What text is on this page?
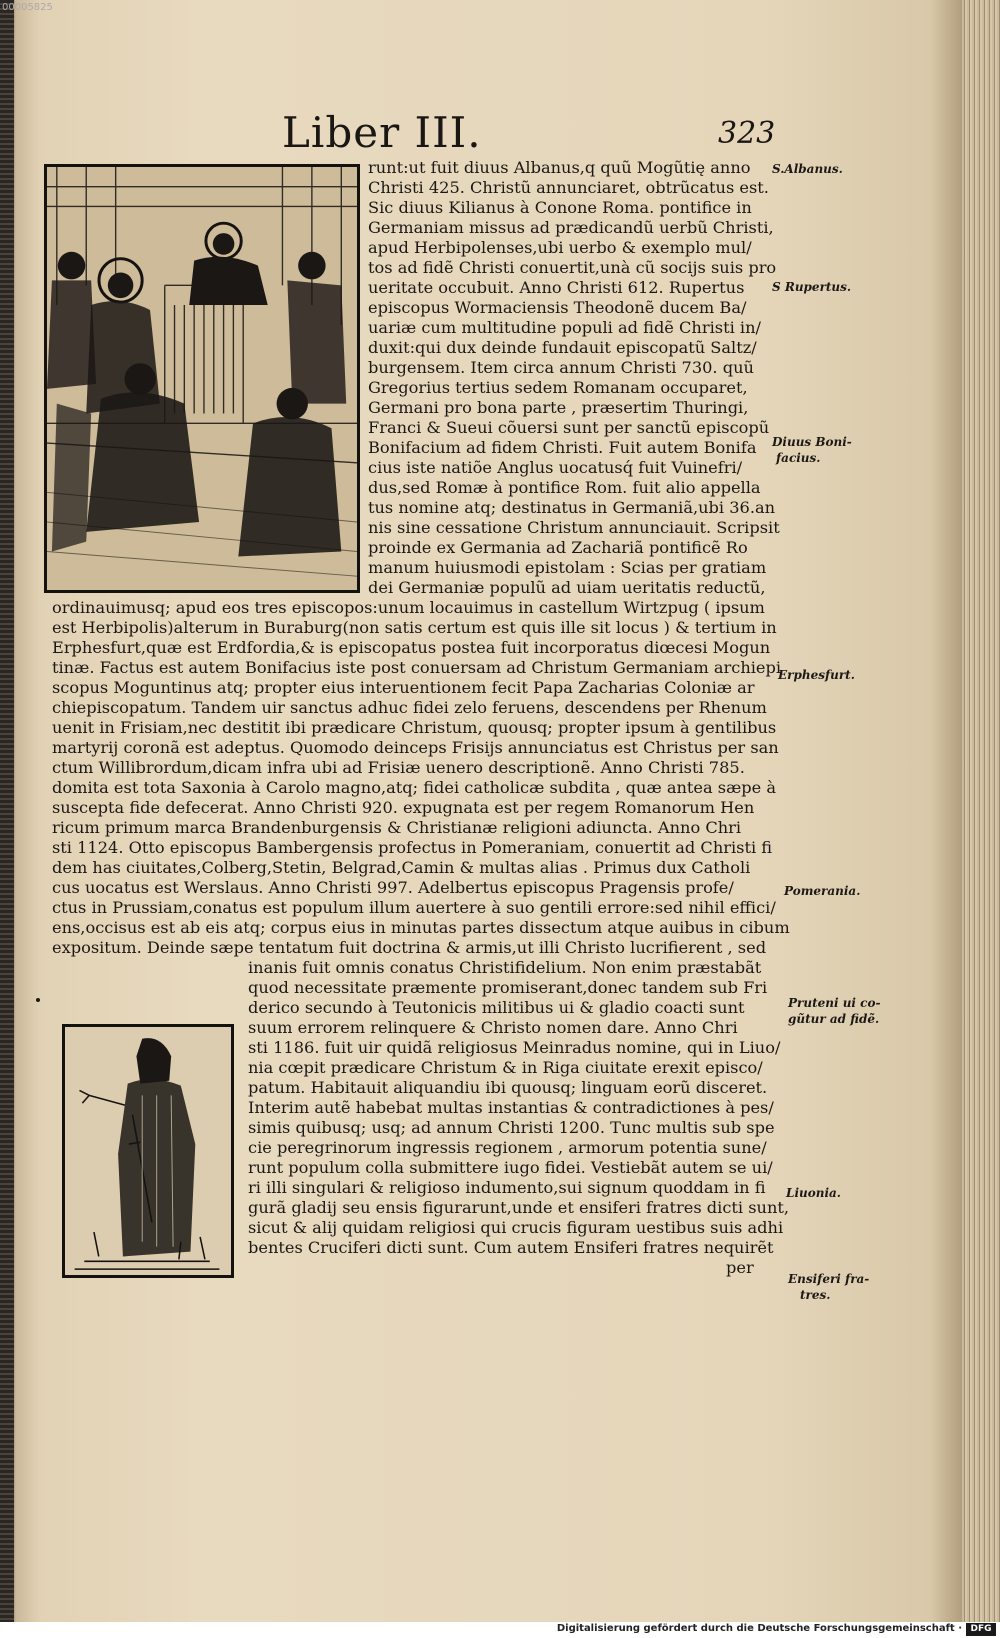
00005825
Liber III.	323
runt:ut fuit diuus Albanus,q quũ Mogũtię anno
Christi 425. Christũ annunciaret, obtrũcatus est.
Sic diuus Kilianus à Conone Roma. pontifice in
Germaniam missus ad prædicandũ uerbũ Christi,
apud Herbipolenses,ubi uerbo & exemplo mul/
tos ad fidẽ Christi conuertit,unà cũ socijs suis pro
ueritate occubuit. Anno Christi 612. Rupertus
episcopus Wormaciensis Theodonẽ ducem Ba/
uariæ cum multitudine populi ad fidẽ Christi in/
duxit:qui dux deinde fundauit episcopatũ Saltz/
burgensem. Item circa annum Christi 730. quũ
Gregorius tertius sedem Romanam occuparet,
Germani pro bona parte , præsertim Thuringi,
Franci & Sueui cõuersi sunt per sanctũ episcopũ
Bonifacium ad fidem Christi. Fuit autem Bonifa
cius iste natiõe Anglus uocatusq́ fuit Vuinefri/
dus,sed Romæ à pontifice Rom. fuit alio appella
tus nomine atq; destinatus in Germaniã,ubi 36.an
nis sine cessatione Christum annunciauit. Scripsit
proinde ex Germania ad Zachariã pontificẽ Ro
manum huiusmodi epistolam : Scias per gratiam
dei Germaniæ populũ ad uiam ueritatis reductũ,
ordinauimusq; apud eos tres episcopos:unum locauimus in castellum Wirtzpug ( ipsum
est Herbipolis)alterum in Buraburg(non satis certum est quis ille sit locus ) & tertium in
Erphesfurt,quæ est Erdfordia,& is episcopatus postea fuit incorporatus diœcesi Mogun
tinæ. Factus est autem Bonifacius iste post conuersam ad Christum Germaniam archiepi
scopus Moguntinus atq; propter eius interuentionem fecit Papa Zacharias Coloniæ ar
chiepiscopatum. Tandem uir sanctus adhuc fidei zelo feruens, descendens per Rhenum
uenit in Frisiam,nec destitit ibi prædicare Christum, quousq; propter ipsum à gentilibus
martyrij coronã est adeptus. Quomodo deinceps Frisijs annunciatus est Christus per san
ctum Willibrordum,dicam infra ubi ad Frisiæ uenero descriptionẽ. Anno Christi 785.
domita est tota Saxonia à Carolo magno,atq; fidei catholicæ subdita , quæ antea sæpe à
suscepta fide defecerat. Anno Christi 920. expugnata est per regem Romanorum Hen
ricum primum marca Brandenburgensis & Christianæ religioni adiuncta. Anno Chri
sti 1124. Otto episcopus Bambergensis profectus in Pomeraniam, conuertit ad Christi fi
dem has ciuitates,Colberg,Stetin, Belgrad,Camin & multas alias . Primus dux Catholi
cus uocatus est Werslaus. Anno Christi 997. Adelbertus episcopus Pragensis profe/
ctus in Prussiam,conatus est populum illum auertere à suo gentili errore:sed nihil effici/
ens,occisus est ab eis atq; corpus eius in minutas partes dissectum atque auibus in cibum
expositum. Deinde sæpe tentatum fuit doctrina & armis,ut illi Christo lucrifierent , sed
inanis fuit omnis conatus Christifidelium. Non enim præstabãt
quod necessitate præmente promiserant,donec tandem sub Fri
derico secundo à Teutonicis militibus ui & gladio coacti sunt
suum errorem relinquere & Christo nomen dare. Anno Chri
sti 1186. fuit uir quidã religiosus Meinradus nomine, qui in Liuo/
nia cœpit prædicare Christum & in Riga ciuitate erexit episco/
patum. Habitauit aliquandiu ibi quousq; linguam eorũ disceret.
Interim autẽ habebat multas instantias & contradictiones à pes/
simis quibusq; usq; ad annum Christi 1200. Tunc multis sub spe
cie peregrinorum ingressis regionem , armorum potentia sune/
runt populum colla submittere iugo fidei. Vestiebãt autem se ui/
ri illi singulari & religioso indumento,sui signum quoddam in fi
gurã gladij seu ensis figurarunt,unde et ensiferi fratres dicti sunt,
sicut & alij quidam religiosi qui crucis figuram uestibus suis adhi
bentes Cruciferi dicti sunt. Cum autem Ensiferi fratres nequirẽt
per
S.Albanus.
S Rupertus.
Diuus Boni-
facius.
Erphesfurt.
Pomerania.
Pruteni ui co-
gũtur ad fidẽ.
Liuonia.
Ensiferi fra-
tres.
Digitalisierung gefördert durch die Deutsche Forschungsgemeinschaft · DFG
